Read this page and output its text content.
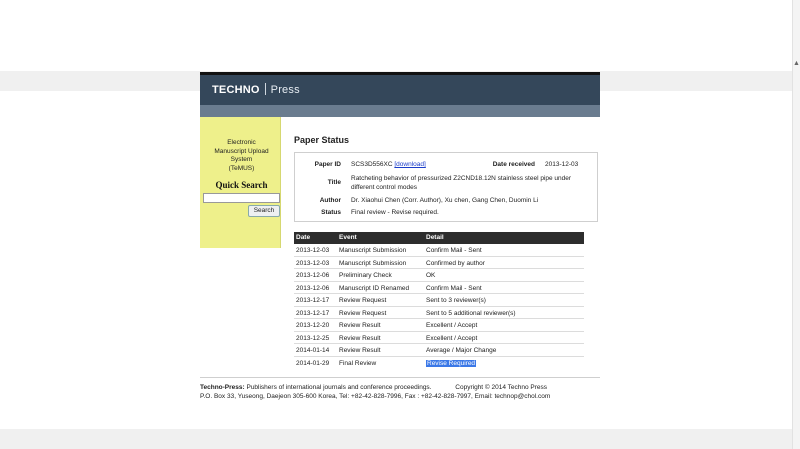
▲
TECHNO Press
Electronic
Manuscript Upload
System
(TeMUS)
Quick Search
Search
Paper Status
Paper ID SCS3D556XC [download]	Date received 2013-12-03
Title
Ratcheting behavior of pressurized Z2CND18.12N stainless steel pipe under different control modes
Author Dr. Xiaohui Chen (Corr. Author), Xu chen, Gang Chen, Duomin Li
Status Final review - Revise required.
Date	Event	Detail
2013-12-03 Manuscript Submission	Confirm Mail - Sent
2013-12-03 Manuscript Submission	Confirmed by author
2013-12-06 Preliminary Check	OK
2013-12-06 Manuscript ID Renamed	Confirm Mail - Sent
2013-12-17 Review Request	Sent to 3 reviewer(s)
2013-12-17 Review Request	Sent to 5 additional reviewer(s)
2013-12-20 Review Result	Excellent / Accept
2013-12-25 Review Result	Excellent / Accept
2014-01-14 Review Result	Average / Major Change
2014-01-29 Final Review	Revise Required
Techno-Press: Publishers of international journals and conference proceedings.	Copyright © 2014 Techno Press
P.O. Box 33, Yuseong, Daejeon 305-600 Korea, Tel: +82-42-828-7996, Fax : +82-42-828-7997, Email: technop@chol.com
